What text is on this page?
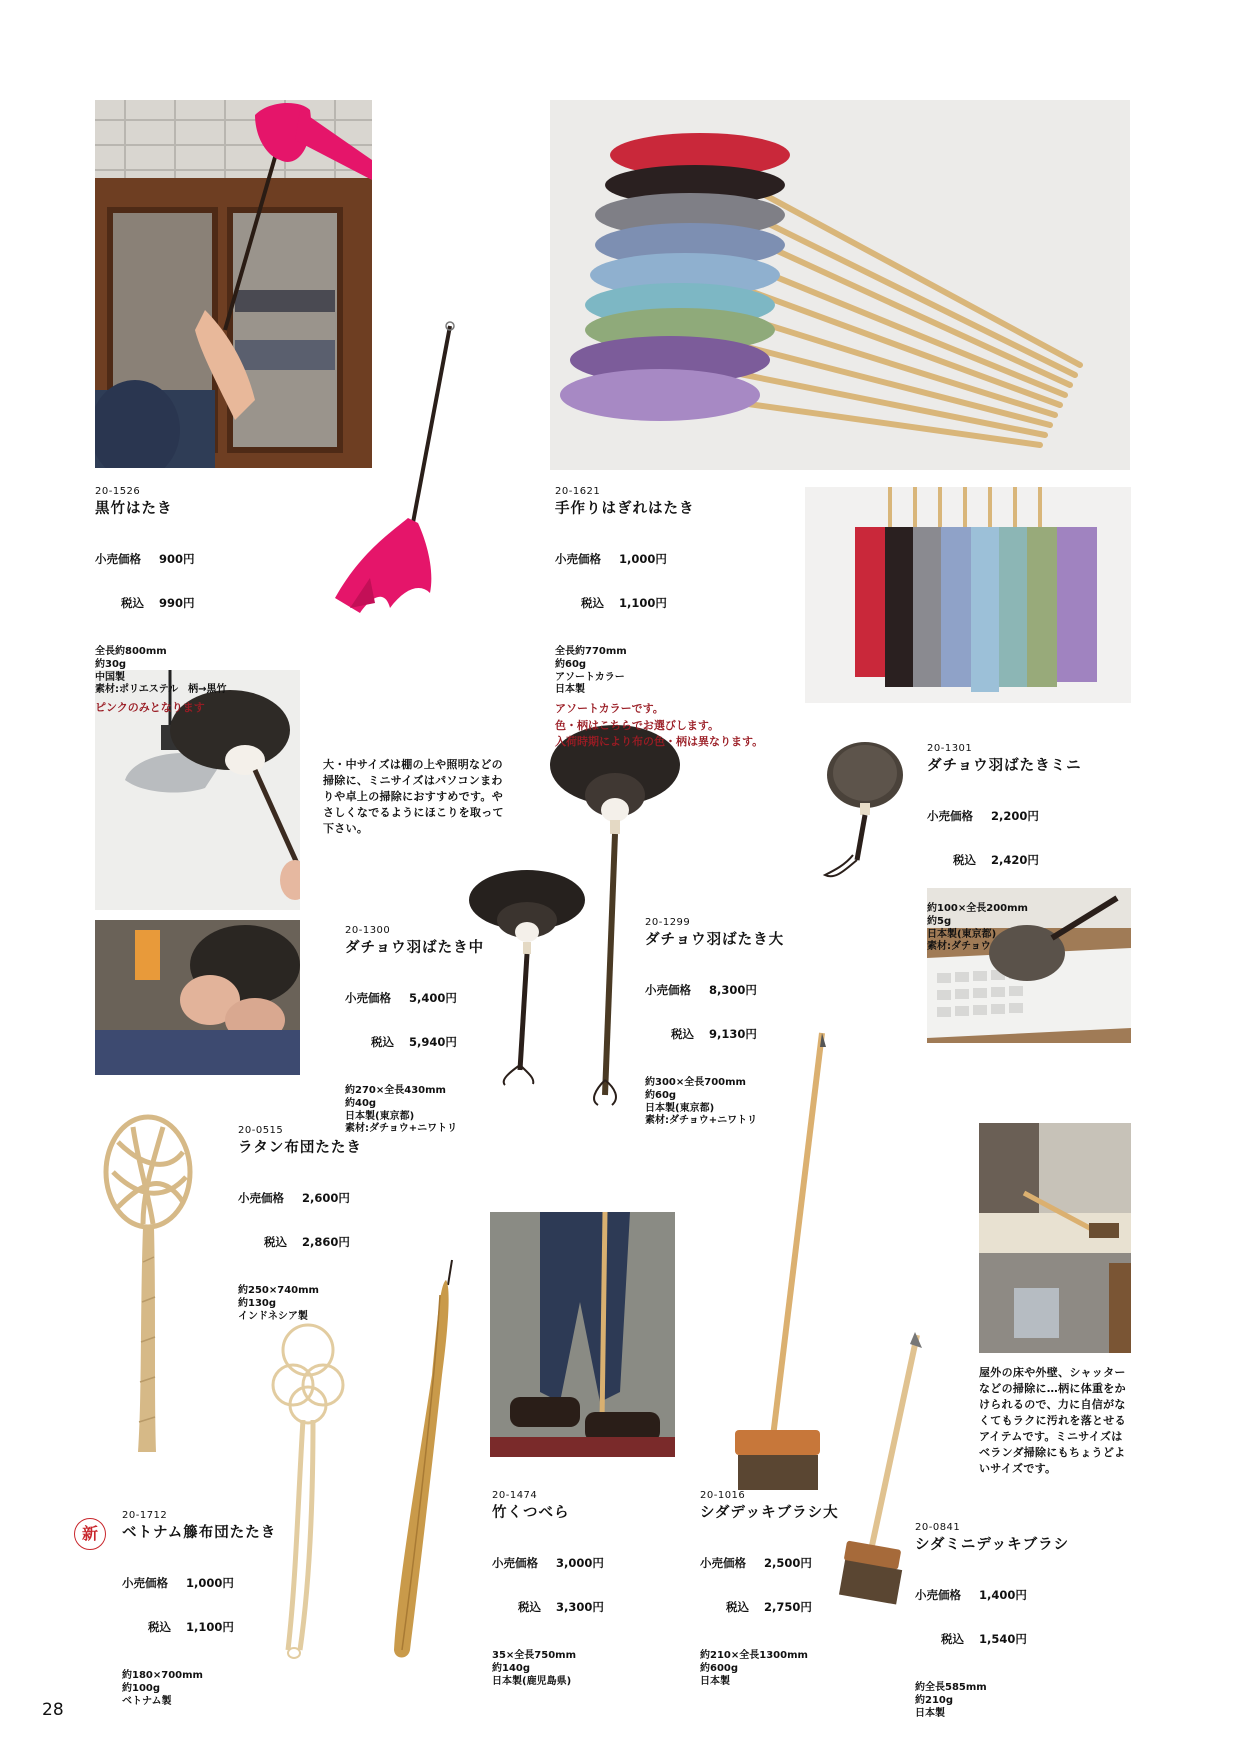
20-1526
黒竹はたき

小売価格	900円

税込	990円

全長約800mm
約30g
中国製
素材:ポリエステル　柄→黒竹
ピンクのみとなります
20-1621
手作りはぎれはたき

小売価格	1,000円

税込	1,100円

全長約770mm
約60g
アソートカラー
日本製
アソートカラーです。
色・柄はこちらでお選びします。
入荷時期により布の色・柄は異なります。
大・中サイズは棚の上や照明などの
掃除に、ミニサイズはパソコンまわ
りや卓上の掃除におすすめです。や
さしくなでるようにほこりを取って
下さい。
20-1301
ダチョウ羽ばたきミニ

小売価格	2,200円

税込	2,420円

約100×全長200mm
約5g
日本製(東京都)
素材:ダチョウ
20-1300
ダチョウ羽ばたき中

小売価格	5,400円

税込	5,940円

約270×全長430mm
約40g
日本製(東京都)
素材:ダチョウ+ニワトリ
20-1299
ダチョウ羽ばたき大

小売価格	8,300円

税込	9,130円

約300×全長700mm
約60g
日本製(東京都)
素材:ダチョウ+ニワトリ
20-0515
ラタン布団たたき

小売価格	2,600円

税込	2,860円

約250×740mm
約130g
インドネシア製
新
20-1712
ベトナム籐布団たたき

小売価格	1,000円

税込	1,100円

約180×700mm
約100g
ベトナム製
20-1474
竹くつべら

小売価格	3,000円

税込	3,300円

35×全長750mm
約140g
日本製(鹿児島県)
20-1016
シダデッキブラシ大

小売価格	2,500円

税込	2,750円

約210×全長1300mm
約600g
日本製
屋外の床や外壁、シャッター
などの掃除に…柄に体重をか
けられるので、力に自信がな
くてもラクに汚れを落とせる
アイテムです。ミニサイズは
ベランダ掃除にもちょうどよ
いサイズです。
20-0841
シダミニデッキブラシ

小売価格	1,400円

税込	1,540円

約全長585mm
約210g
日本製
28
